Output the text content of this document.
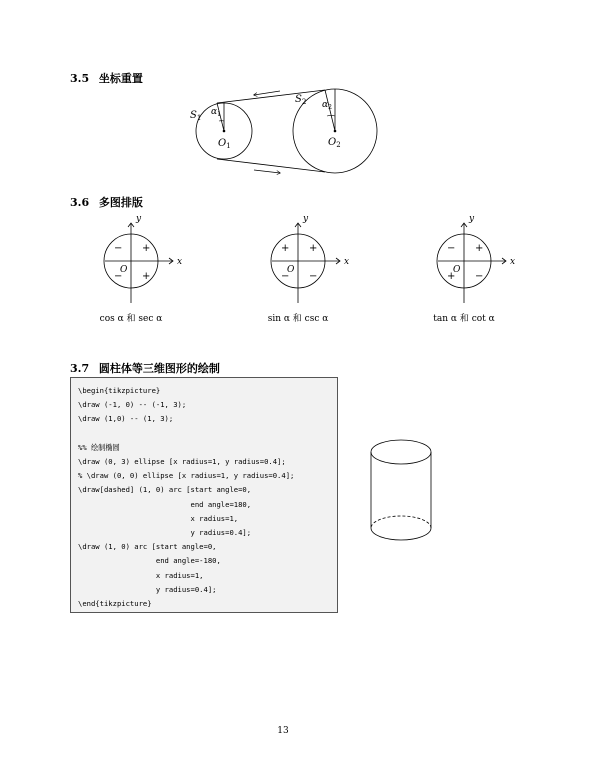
3.5 坐标重置
3.6 多图排版
3.7 圆柱体等三维图形的绘制
$S_1$
$\alpha_1$
$O_1$
$S_2$ $\alpha_2$
$O_2$
y
x
O
− +
− +
cos α 和 sec α
y
x
O
+ +
− −
sin α 和 csc α
y
x
O
− +
+ −
tan α 和 cot α
\begin{tikzpicture}
\draw (-1, 0) -- (-1, 3);
\draw (1,0) -- (1, 3);

%% 绘制椭圆
\draw (0, 3) ellipse [x radius=1, y radius=0.4];
% \draw (0, 0) ellipse [x radius=1, y radius=0.4];
\draw[dashed] (1, 0) arc [start angle=0,
end angle=180,
x radius=1,
y radius=0.4];
\draw (1, 0) arc [start angle=0,
end angle=-180,
x radius=1,
y radius=0.4];
\end{tikzpicture}

13
